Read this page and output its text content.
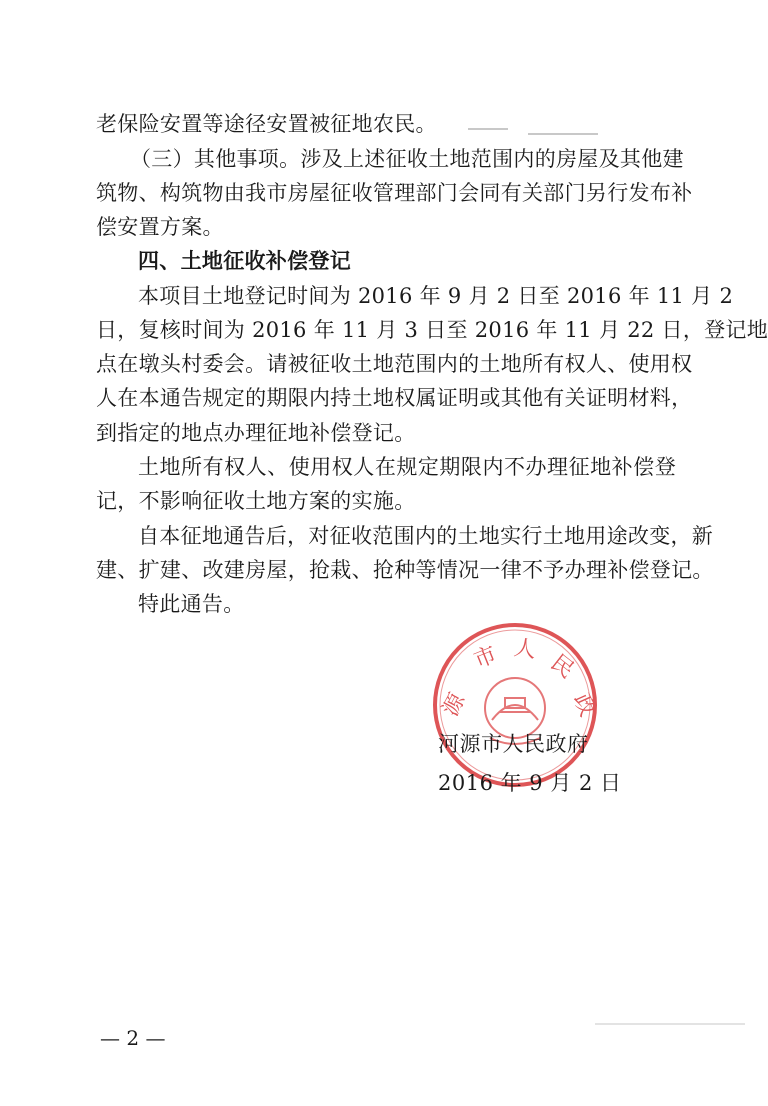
老保险安置等途径安置被征地农民。
（三）其他事项。涉及上述征收土地范围内的房屋及其他建
筑物、构筑物由我市房屋征收管理部门会同有关部门另行发布补
偿安置方案。
四、土地征收补偿登记
本项目土地登记时间为 2016 年 9 月 2 日至 2016 年 11 月 2
日，复核时间为 2016 年 11 月 3 日至 2016 年 11 月 22 日，登记地
点在墩头村委会。请被征收土地范围内的土地所有权人、使用权
人在本通告规定的期限内持土地权属证明或其他有关证明材料，
到指定的地点办理征地补偿登记。
土地所有权人、使用权人在规定期限内不办理征地补偿登
记，不影响征收土地方案的实施。
自本征地通告后，对征收范围内的土地实行土地用途改变，新
建、扩建、改建房屋，抢栽、抢种等情况一律不予办理补偿登记。
特此通告。
源
市 人
民
政
河源市人民政府
2016 年 9 月 2 日
— 2 —
